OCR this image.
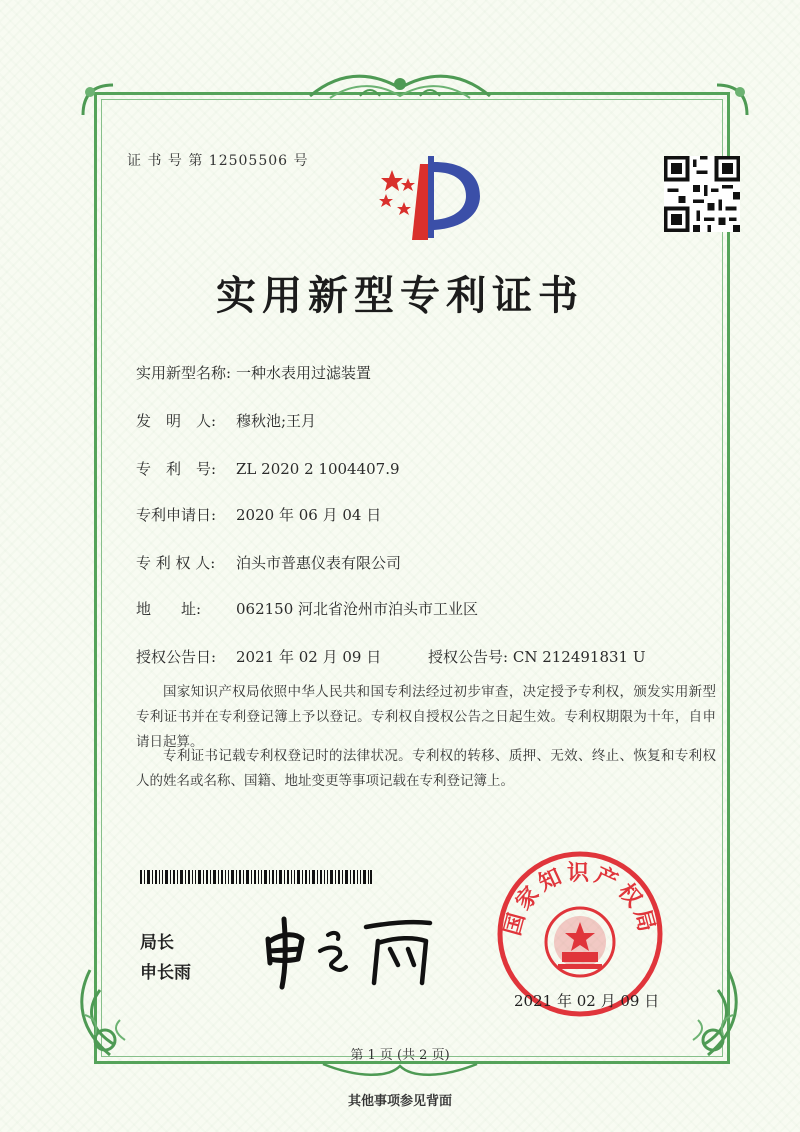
证 书 号 第 12505506 号
实用新型专利证书
实用新型名称: 一种水表用过滤装置
发　明　人: 穆秋池;王月
专　利　号: ZL 2020 2 1004407.9
专利申请日: 2020 年 06 月 04 日
专 利 权 人: 泊头市普惠仪表有限公司
地　　址: 062150 河北省沧州市泊头市工业区
授权公告日: 2021 年 02 月 09 日	授权公告号: CN 212491831 U
国家知识产权局依照中华人民共和国专利法经过初步审查，决定授予专利权，颁发实用新型专利证书并在专利登记簿上予以登记。专利权自授权公告之日起生效。专利权期限为十年，自申请日起算。
专利证书记载专利权登记时的法律状况。专利权的转移、质押、无效、终止、恢复和专利权人的姓名或名称、国籍、地址变更等事项记载在专利登记簿上。
局长
申长雨
国家知识产权局
2021 年 02 月 09 日
第 1 页 (共 2 页)
其他事项参见背面
